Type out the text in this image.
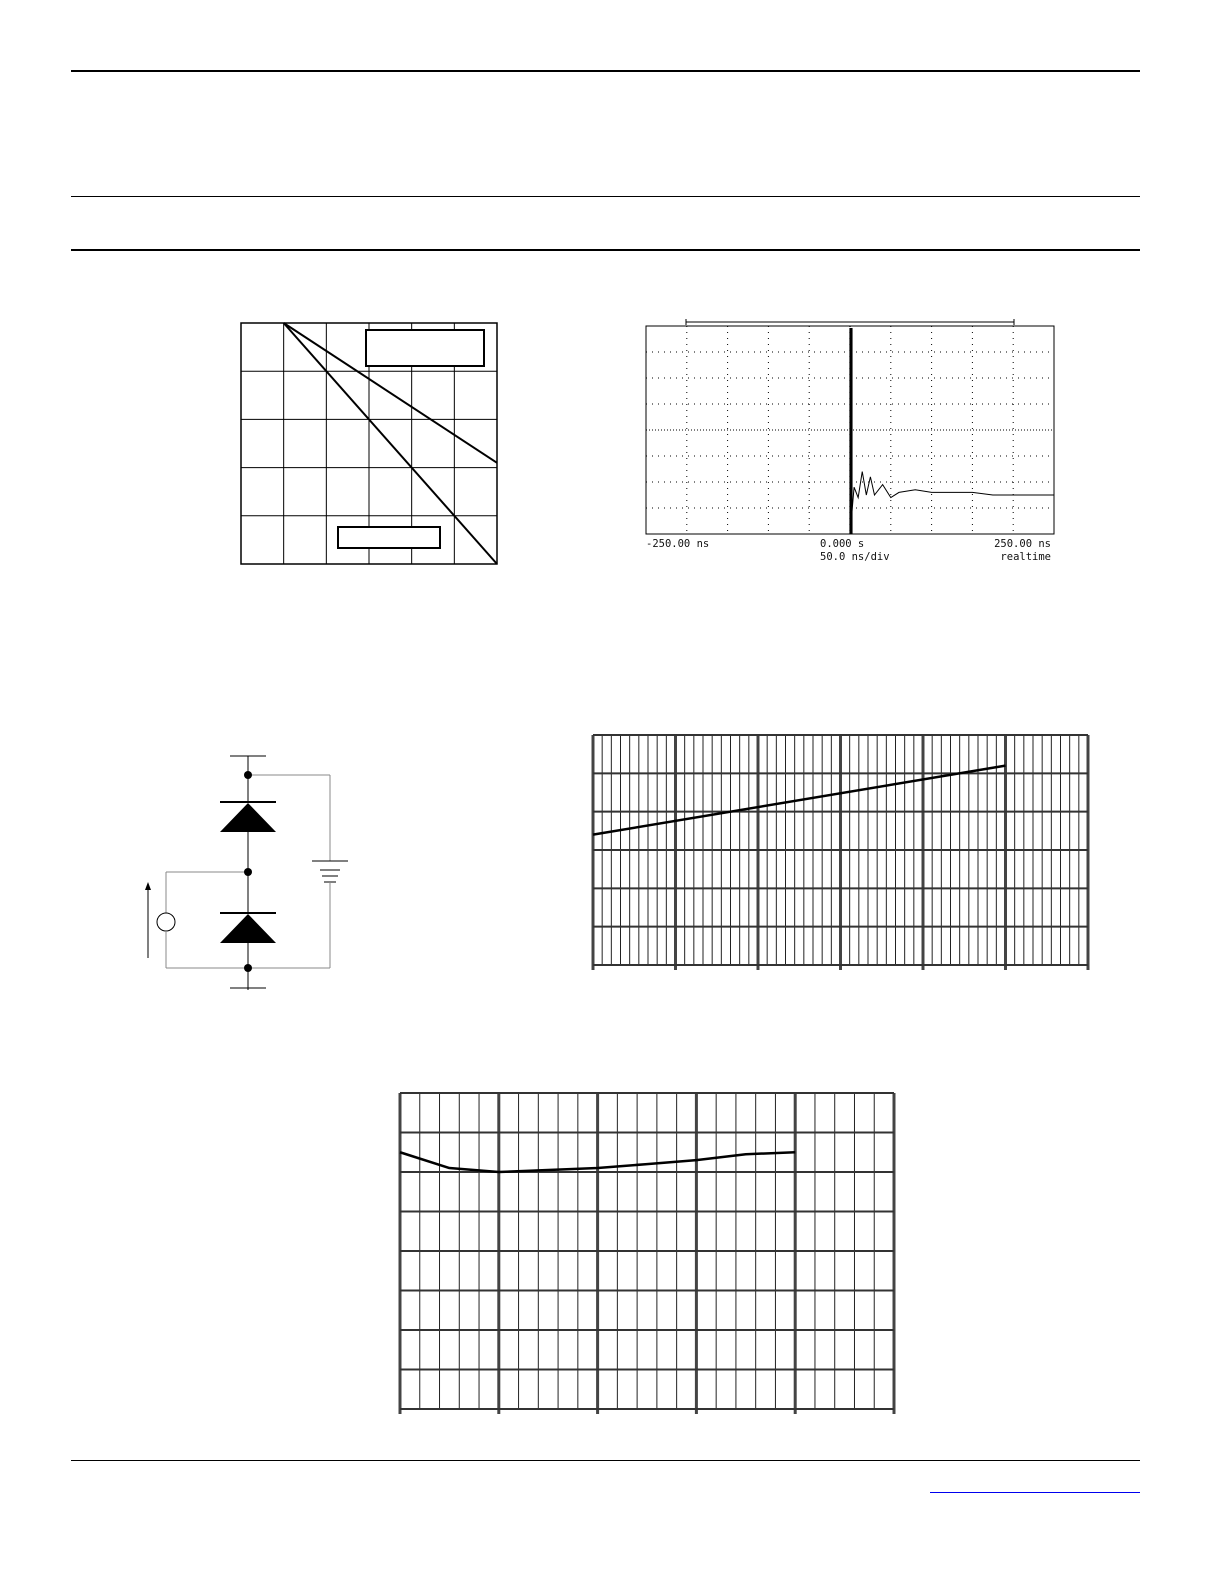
-250.00 ns	0.000 s	250.00 ns
50.0 ns/div	realtime
